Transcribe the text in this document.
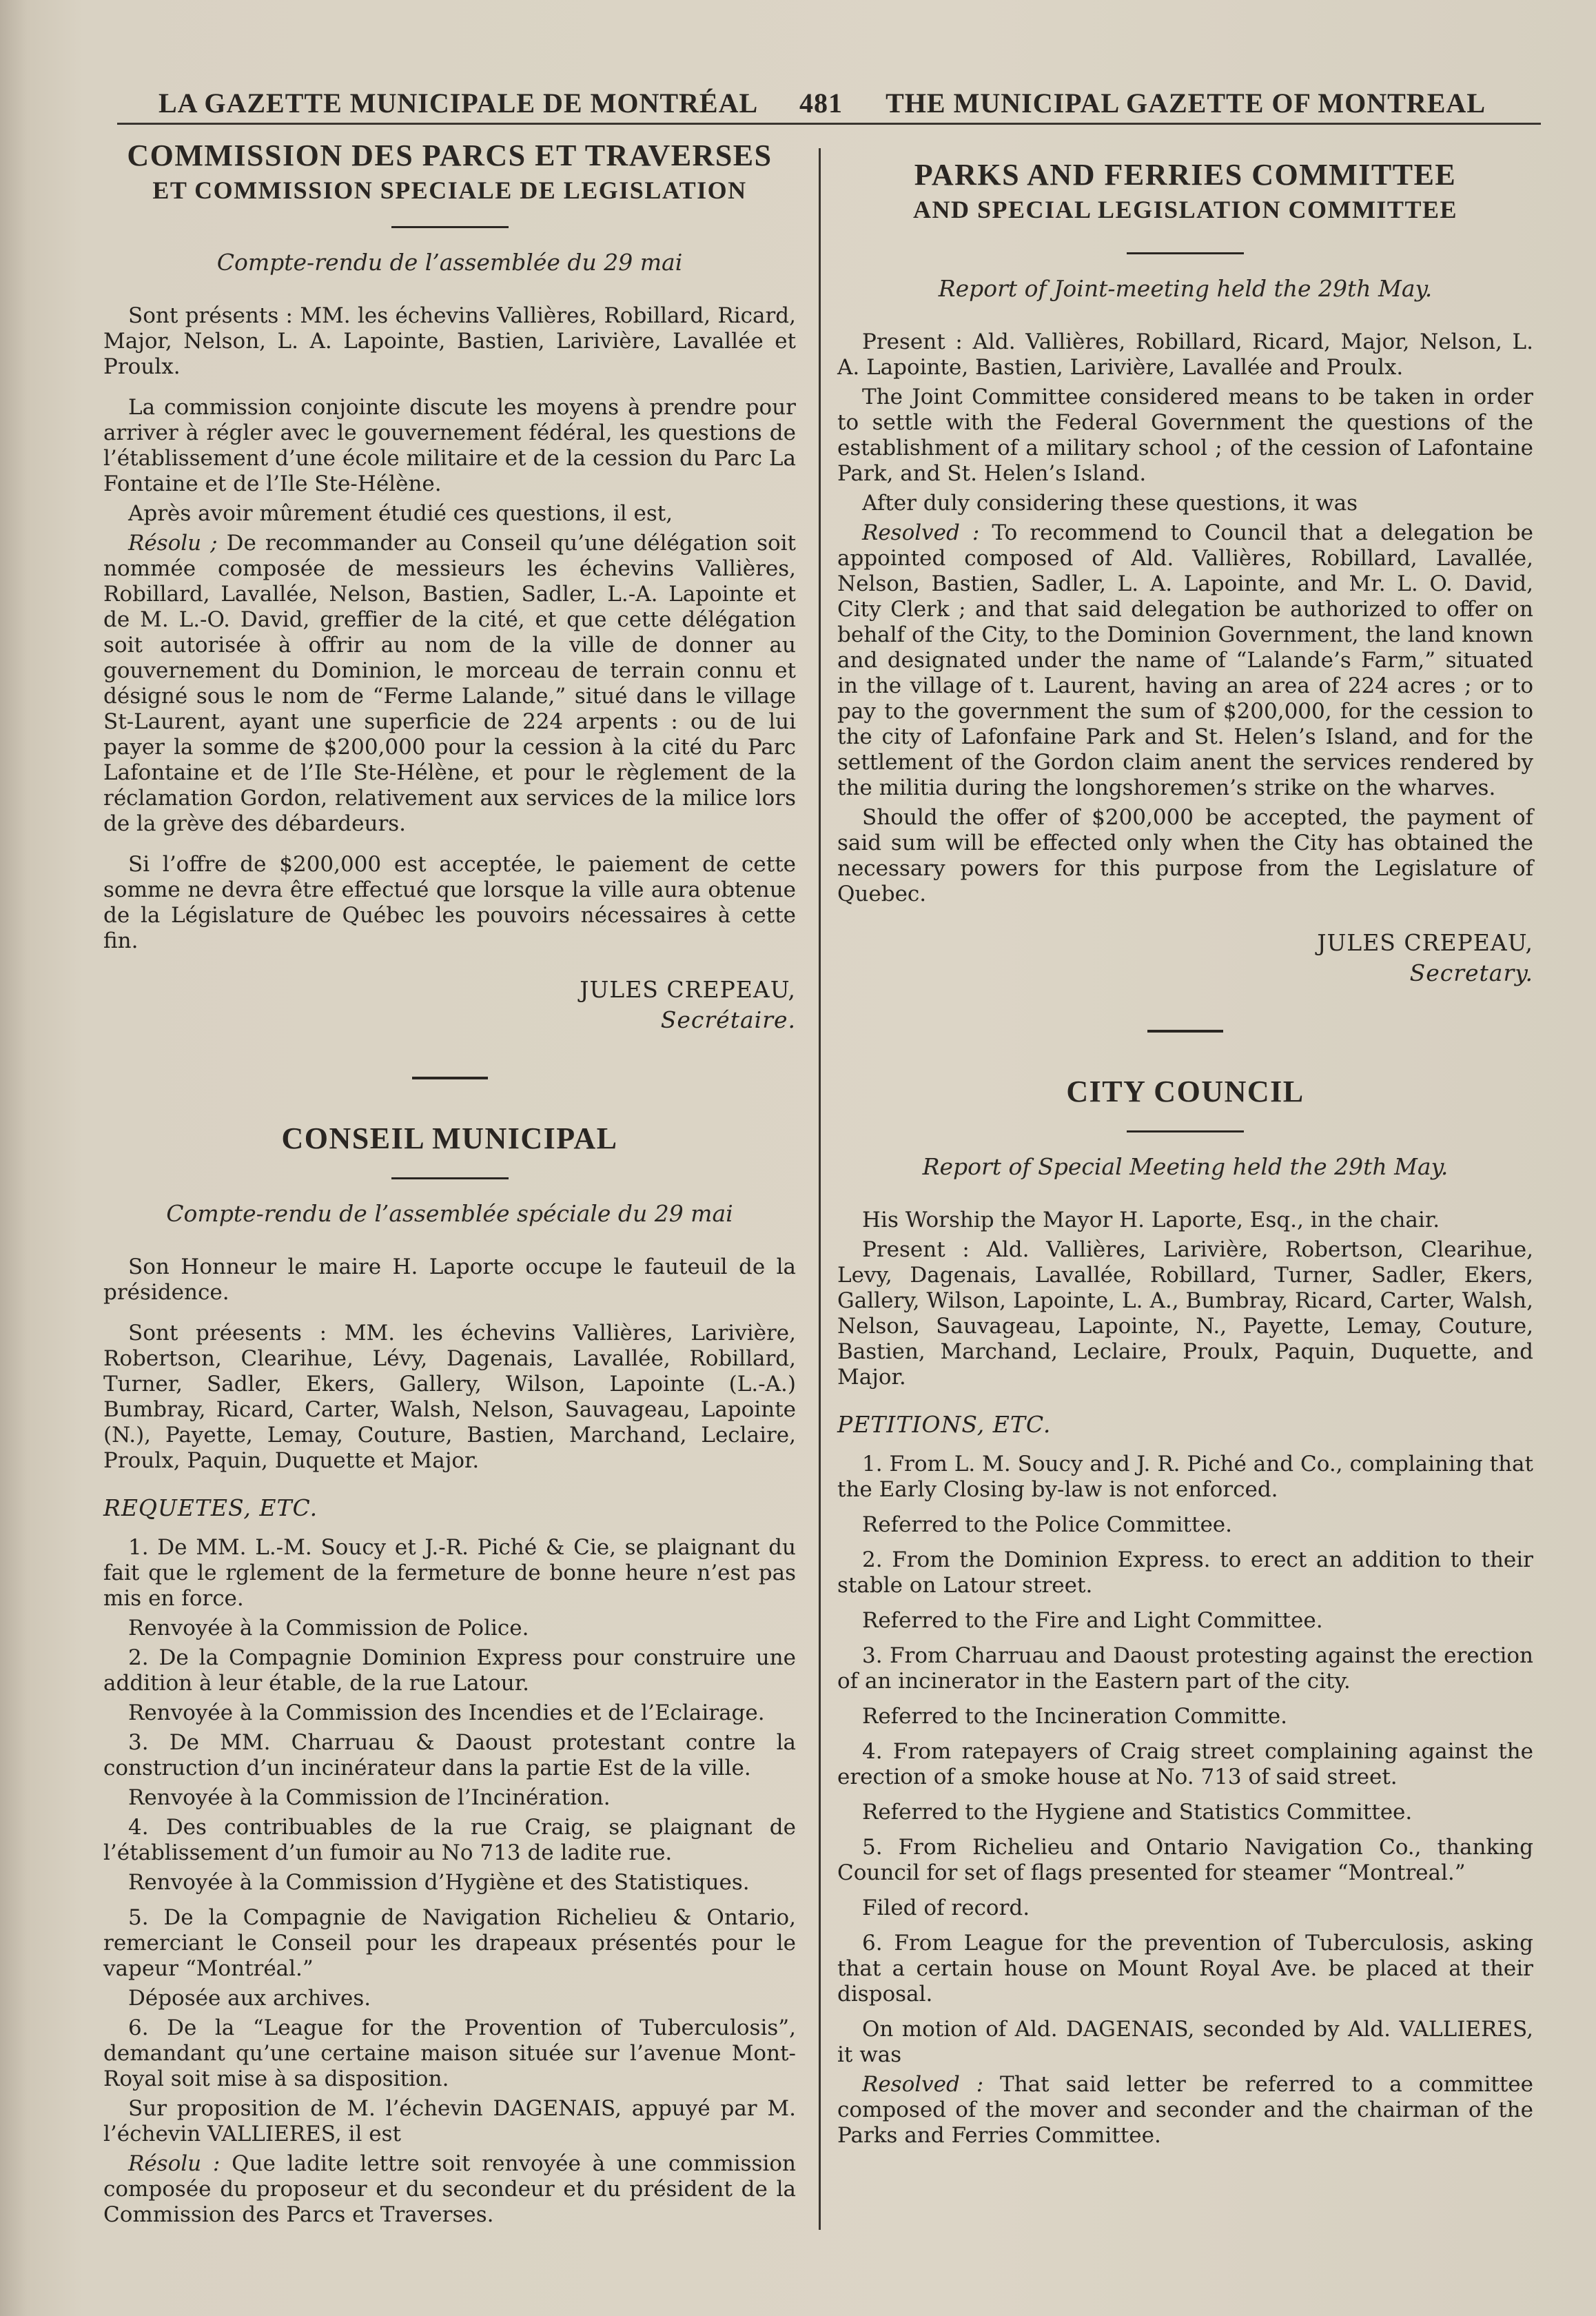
LA GAZETTE MUNICIPALE DE MONTRÉAL 481 THE MUNICIPAL GAZETTE OF MONTREAL
COMMISSION DES PARCS ET TRAVERSES
ET COMMISSION SPECIALE DE LEGISLATION
Compte-rendu de l’assemblée du 29 mai

Sont présents : MM. les échevins Vallières, Robillard, Ricard, Major, Nelson, L. A. Lapointe, Bastien, Larivière, Lavallée et Proulx.

La commission conjointe discute les moyens à prendre pour arriver à régler avec le gouvernement fédéral, les questions de l’établissement d’une école militaire et de la cession du Parc La Fontaine et de l’Ile Ste-Hélène.

Après avoir mûrement étudié ces questions, il est,

Résolu ; De recommander au Conseil qu’une délégation soit nommée composée de messieurs les échevins Vallières, Robillard, Lavallée, Nelson, Bastien, Sadler, L.-A. Lapointe et de M. L.-O. David, greffier de la cité, et que cette délégation soit autorisée à offrir au nom de la ville de donner au gouvernement du Dominion, le morceau de terrain connu et désigné sous le nom de “Ferme Lalande,” situé dans le village St-Laurent, ayant une superficie de 224 arpents : ou de lui payer la somme de $200,000 pour la cession à la cité du Parc Lafontaine et de l’Ile Ste-Hélène, et pour le règlement de la réclamation Gordon, relativement aux services de la milice lors de la grève des débardeurs.

Si l’offre de $200,000 est acceptée, le paiement de cette somme ne devra être effectué que lorsque la ville aura obtenue de la Législature de Québec les pouvoirs nécessaires à cette fin.

JULES CREPEAU,
Secrétaire.
CONSEIL MUNICIPAL
Compte-rendu de l’assemblée spéciale du 29 mai

Son Honneur le maire H. Laporte occupe le fauteuil de la présidence.

Sont préesents : MM. les échevins Vallières, Larivière, Robertson, Clearihue, Lévy, Dagenais, Lavallée, Robillard, Turner, Sadler, Ekers, Gallery, Wilson, Lapointe (L.-A.) Bumbray, Ricard, Carter, Walsh, Nelson, Sauvageau, Lapointe (N.), Payette, Lemay, Couture, Bastien, Marchand, Leclaire, Proulx, Paquin, Duquette et Major.

REQUETES, ETC.

1. De MM. L.-M. Soucy et J.-R. Piché & Cie, se plaignant du fait que le rglement de la fermeture de bonne heure n’est pas mis en force.

Renvoyée à la Commission de Police.

2. De la Compagnie Dominion Express pour construire une addition à leur étable, de la rue Latour.

Renvoyée à la Commission des Incendies et de l’Eclairage.

3. De MM. Charruau & Daoust protestant contre la construction d’un incinérateur dans la partie Est de la ville.

Renvoyée à la Commission de l’Incinération.

4. Des contribuables de la rue Craig, se plaignant de l’établissement d’un fumoir au No 713 de ladite rue.

Renvoyée à la Commission d’Hygiène et des Statistiques.

5. De la Compagnie de Navigation Richelieu & Ontario, remerciant le Conseil pour les drapeaux présentés pour le vapeur “Montréal.”

Déposée aux archives.

6. De la “League for the Provention of Tuberculosis”, demandant qu’une certaine maison située sur l’avenue Mont-Royal soit mise à sa disposition.

Sur proposition de M. l’échevin DAGENAIS, appuyé par M. l’échevin VALLIERES, il est

Résolu : Que ladite lettre soit renvoyée à une commission composée du proposeur et du secondeur et du président de la Commission des Parcs et Traverses.

PARKS AND FERRIES COMMITTEE
AND SPECIAL LEGISLATION COMMITTEE
Report of Joint-meeting held the 29th May.

Present : Ald. Vallières, Robillard, Ricard, Major, Nelson, L. A. Lapointe, Bastien, Larivière, Lavallée and Proulx.

The Joint Committee considered means to be taken in order to settle with the Federal Government the questions of the establishment of a military school ; of the cession of Lafontaine Park, and St. Helen’s Island.

After duly considering these questions, it was

Resolved : To recommend to Council that a delegation be appointed composed of Ald. Vallières, Robillard, Lavallée, Nelson, Bastien, Sadler, L. A. Lapointe, and Mr. L. O. David, City Clerk ; and that said delegation be authorized to offer on behalf of the City, to the Dominion Government, the land known and designated under the name of “Lalande’s Farm,” situated in the village of t. Laurent, having an area of 224 acres ; or to pay to the government the sum of $200,000, for the cession to the city of Lafonfaine Park and St. Helen’s Island, and for the settlement of the Gordon claim anent the services rendered by the militia during the longshoremen’s strike on the wharves.

Should the offer of $200,000 be accepted, the payment of said sum will be effected only when the City has obtained the necessary powers for this purpose from the Legislature of Quebec.

JULES CREPEAU,
Secretary.
CITY COUNCIL
Report of Special Meeting held the 29th May.

His Worship the Mayor H. Laporte, Esq., in the chair.

Present : Ald. Vallières, Larivière, Robertson, Clearihue, Levy, Dagenais, Lavallée, Robillard, Turner, Sadler, Ekers, Gallery, Wilson, Lapointe, L. A., Bumbray, Ricard, Carter, Walsh, Nelson, Sauvageau, Lapointe, N., Payette, Lemay, Couture, Bastien, Marchand, Leclaire, Proulx, Paquin, Duquette, and Major.

PETITIONS, ETC.

1. From L. M. Soucy and J. R. Piché and Co., complaining that the Early Closing by-law is not enforced.

Referred to the Police Committee.

2. From the Dominion Express. to erect an addition to their stable on Latour street.

Referred to the Fire and Light Committee.

3. From Charruau and Daoust protesting against the erection of an incinerator in the Eastern part of the city.

Referred to the Incineration Committe.

4. From ratepayers of Craig street complaining against the erection of a smoke house at No. 713 of said street.

Referred to the Hygiene and Statistics Committee.

5. From Richelieu and Ontario Navigation Co., thanking Council for set of flags presented for steamer “Montreal.”

Filed of record.

6. From League for the prevention of Tuberculosis, asking that a certain house on Mount Royal Ave. be placed at their disposal.

On motion of Ald. DAGENAIS, seconded by Ald. VALLIERES, it was

Resolved : That said letter be referred to a committee composed of the mover and seconder and the chairman of the Parks and Ferries Committee.
